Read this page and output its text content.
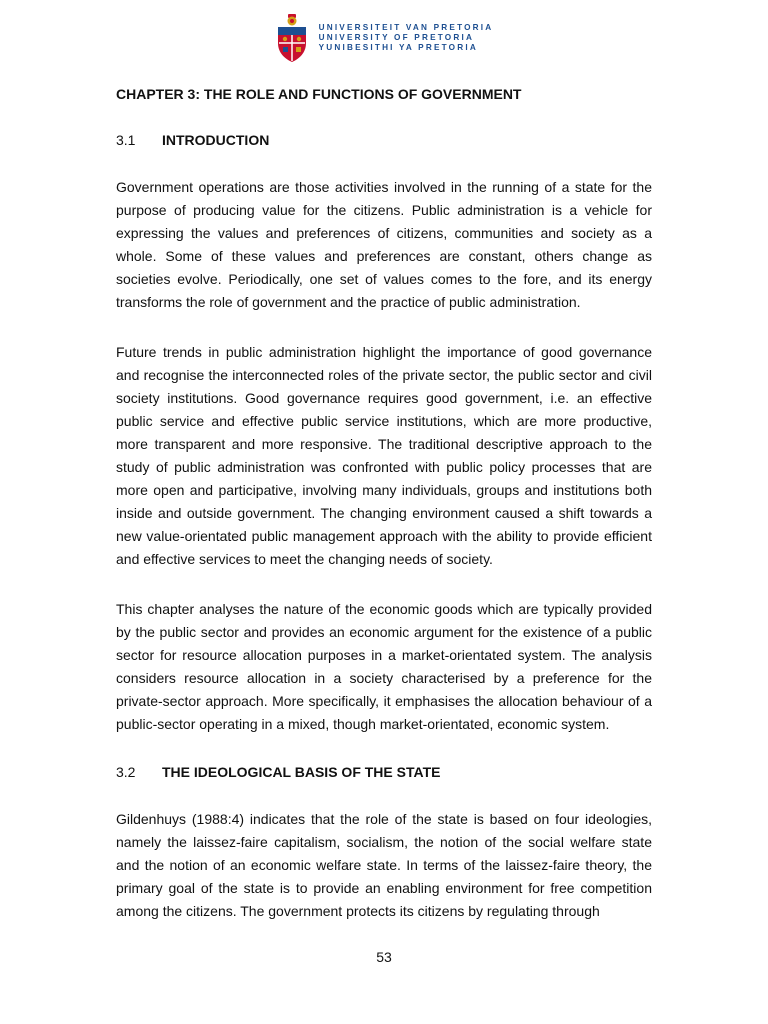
UNIVERSITEIT VAN PRETORIA
UNIVERSITY OF PRETORIA
YUNIBESITHI YA PRETORIA
CHAPTER 3: THE ROLE AND FUNCTIONS OF GOVERNMENT
3.1	INTRODUCTION

Government operations are those activities involved in the running of a state for the purpose of producing value for the citizens. Public administration is a vehicle for expressing the values and preferences of citizens, communities and society as a whole. Some of these values and preferences are constant, others change as societies evolve. Periodically, one set of values comes to the fore, and its energy transforms the role of government and the practice of public administration.

Future trends in public administration highlight the importance of good governance and recognise the interconnected roles of the private sector, the public sector and civil society institutions. Good governance requires good government, i.e. an effective public service and effective public service institutions, which are more productive, more transparent and more responsive. The traditional descriptive approach to the study of public administration was confronted with public policy processes that are more open and participative, involving many individuals, groups and institutions both inside and outside government. The changing environment caused a shift towards a new value-orientated public management approach with the ability to provide efficient and effective services to meet the changing needs of society.

This chapter analyses the nature of the economic goods which are typically provided by the public sector and provides an economic argument for the existence of a public sector for resource allocation purposes in a market-orientated system. The analysis considers resource allocation in a society characterised by a preference for the private-sector approach. More specifically, it emphasises the allocation behaviour of a public-sector operating in a mixed, though market-orientated, economic system.

3.2	THE IDEOLOGICAL BASIS OF THE STATE

Gildenhuys (1988:4) indicates that the role of the state is based on four ideologies, namely the laissez-faire capitalism, socialism, the notion of the social welfare state and the notion of an economic welfare state. In terms of the laissez-faire theory, the primary goal of the state is to provide an enabling environment for free competition among the citizens. The government protects its citizens by regulating through

53
